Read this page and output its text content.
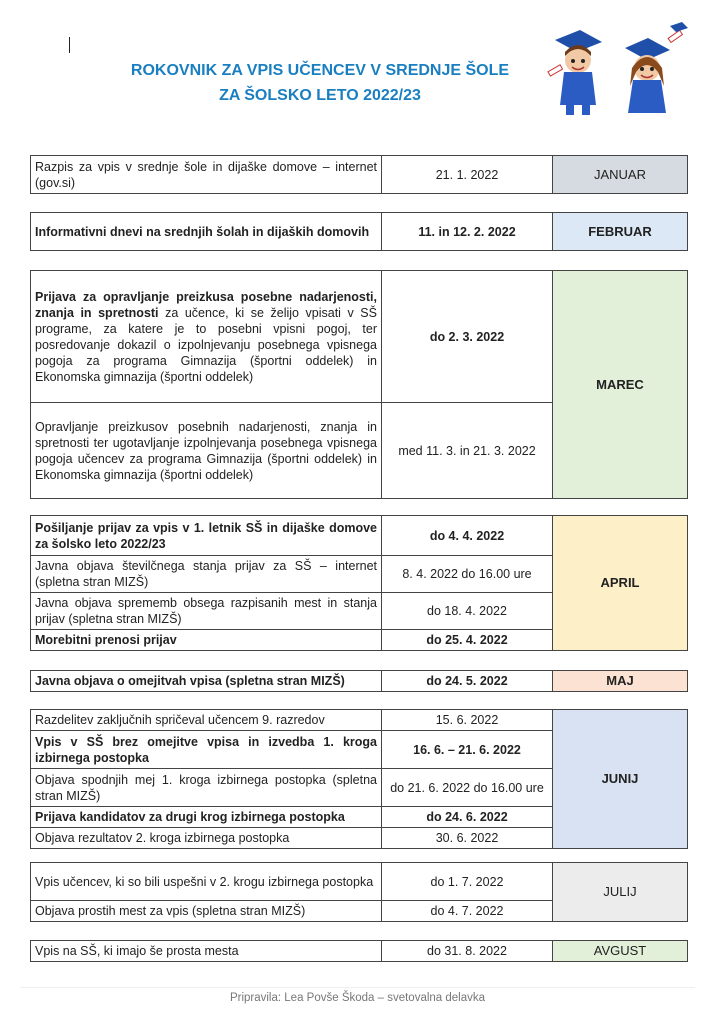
ROKOVNIK ZA VPIS UČENCEV V SREDNJE ŠOLE
ZA ŠOLSKO LETO 2022/23
Razpis za vpis v srednje šole in dijaške domove – internet (gov.si)	21. 1. 2022	JANUAR
Informativni dnevi na srednjih šolah in dijaških domovih	11. in 12. 2. 2022	FEBRUAR
Prijava za opravljanje preizkusa posebne nadarjenosti, znanja in spretnosti za učence, ki se želijo vpisati v SŠ programe, za katere je to posebni vpisni pogoj, ter posredovanje dokazil o izpolnjevanju posebnega vpisnega pogoja za programa Gimnazija (športni oddelek) in Ekonomska gimnazija (športni oddelek)	do 2. 3. 2022	MAREC
Opravljanje preizkusov posebnih nadarjenosti, znanja in spretnosti ter ugotavljanje izpolnjevanja posebnega vpisnega pogoja učencev za programa Gimnazija (športni oddelek) in Ekonomska gimnazija (športni oddelek)	med 11. 3. in 21. 3. 2022	
Pošiljanje prijav za vpis v 1. letnik SŠ in dijaške domove za šolsko leto 2022/23	do 4. 4. 2022	APRIL
Javna objava številčnega stanja prijav za SŠ – internet (spletna stran MIZŠ)	8. 4. 2022 do 16.00 ure	
Javna objava sprememb obsega razpisanih mest in stanja prijav (spletna stran MIZŠ)	do 18. 4. 2022	
Morebitni prenosi prijav	do 25. 4. 2022	
Javna objava o omejitvah vpisa (spletna stran MIZŠ)	do 24. 5. 2022	MAJ
Razdelitev zaključnih spričeval učencem 9. razredov	15. 6. 2022	JUNIJ
Vpis v SŠ brez omejitve vpisa in izvedba 1. kroga izbirnega postopka	16. 6. – 21. 6. 2022	
Objava spodnjih mej 1. kroga izbirnega postopka (spletna stran MIZŠ)	do 21. 6. 2022 do 16.00 ure	
Prijava kandidatov za drugi krog izbirnega postopka	do 24. 6. 2022	
Objava rezultatov 2. kroga izbirnega postopka	30. 6. 2022	
Vpis učencev, ki so bili uspešni v 2. krogu izbirnega postopka	do 1. 7. 2022	JULIJ
Objava prostih mest za vpis (spletna stran MIZŠ)	do 4. 7. 2022	
Vpis na SŠ, ki imajo še prosta mesta	do 31. 8. 2022	AVGUST
Pripravila: Lea Povše Škoda – svetovalna delavka
